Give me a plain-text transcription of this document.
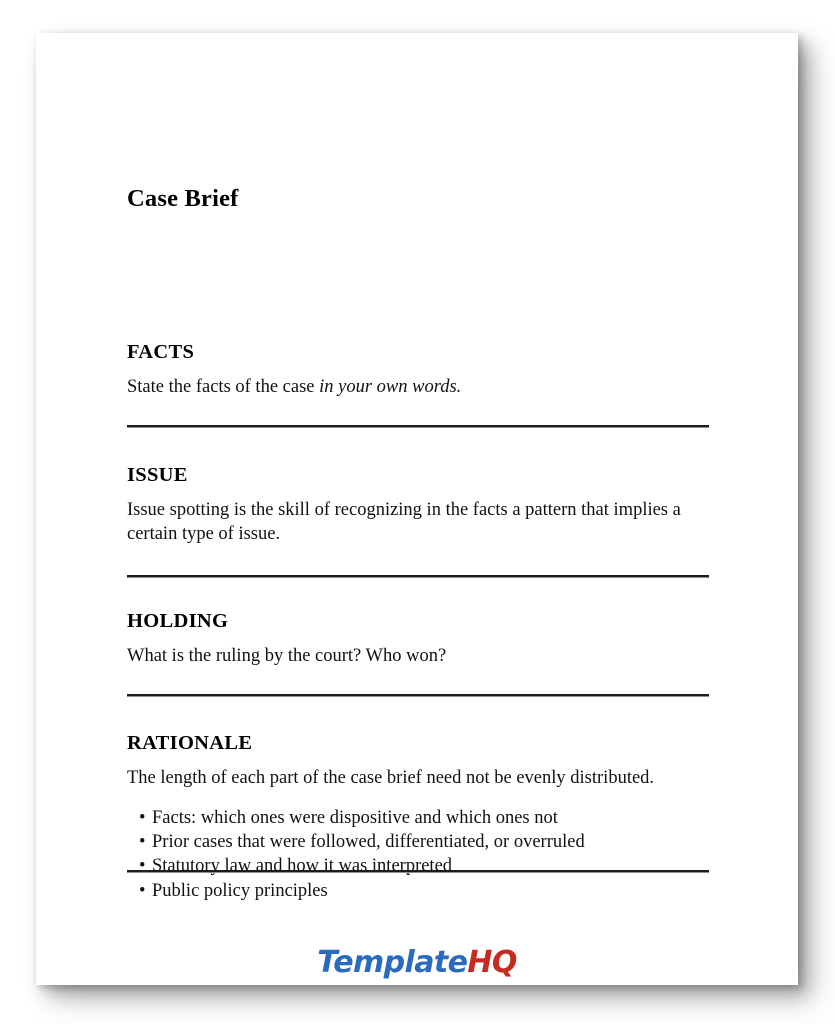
Case Brief
FACTS

State the facts of the case in your own words.

ISSUE

Issue spotting is the skill of recognizing in the facts a pattern that implies a certain type of issue.

HOLDING

What is the ruling by the court? Who won?

RATIONALE

The length of each part of the case brief need not be evenly distributed.

• Facts: which ones were dispositive and which ones not
• Prior cases that were followed, differentiated, or overruled
• Statutory law and how it was interpreted
• Public policy principles
TemplateHQ
